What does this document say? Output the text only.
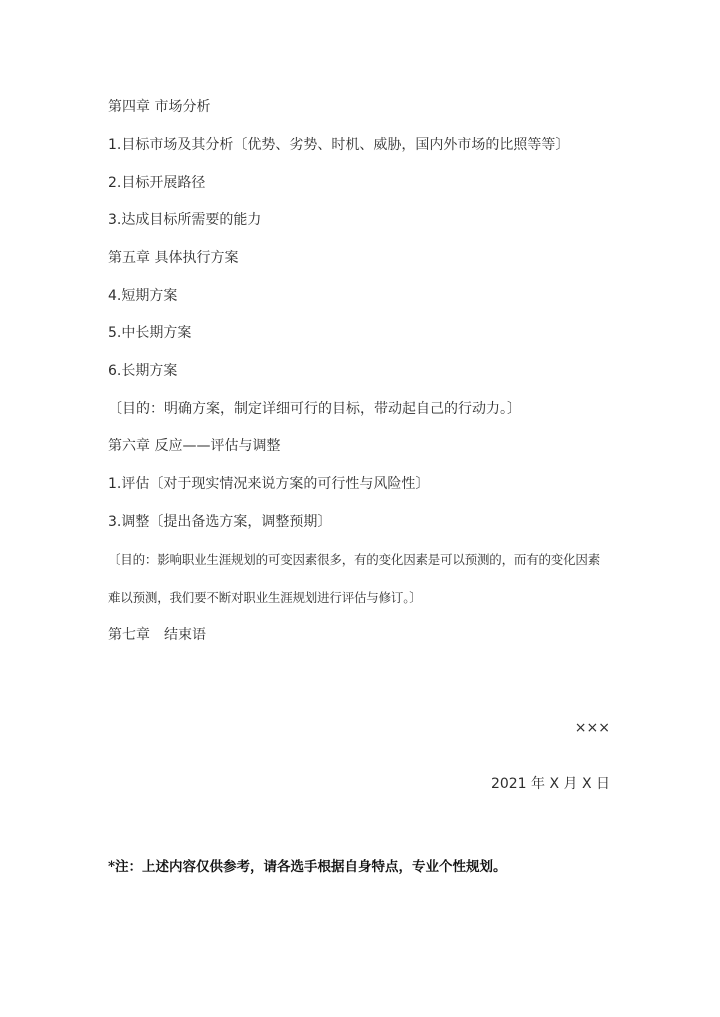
第四章 市场分析
1.目标市场及其分析〔优势、劣势、时机、威胁，国内外市场的比照等等〕
2.目标开展路径
3.达成目标所需要的能力
第五章 具体执行方案
4.短期方案
5.中长期方案
6.长期方案
〔目的：明确方案，制定详细可行的目标，带动起自己的行动力。〕
第六章 反应——评估与调整
1.评估〔对于现实情况来说方案的可行性与风险性〕
3.调整〔提出备选方案，调整预期〕
〔目的：影响职业生涯规划的可变因素很多，有的变化因素是可以预测的，而有的变化因素
难以预测，我们要不断对职业生涯规划进行评估与修订。〕
第七章　结束语
×××
2021 年 X 月 X 日
*注：上述内容仅供参考，请各选手根据自身特点，专业个性规划。
